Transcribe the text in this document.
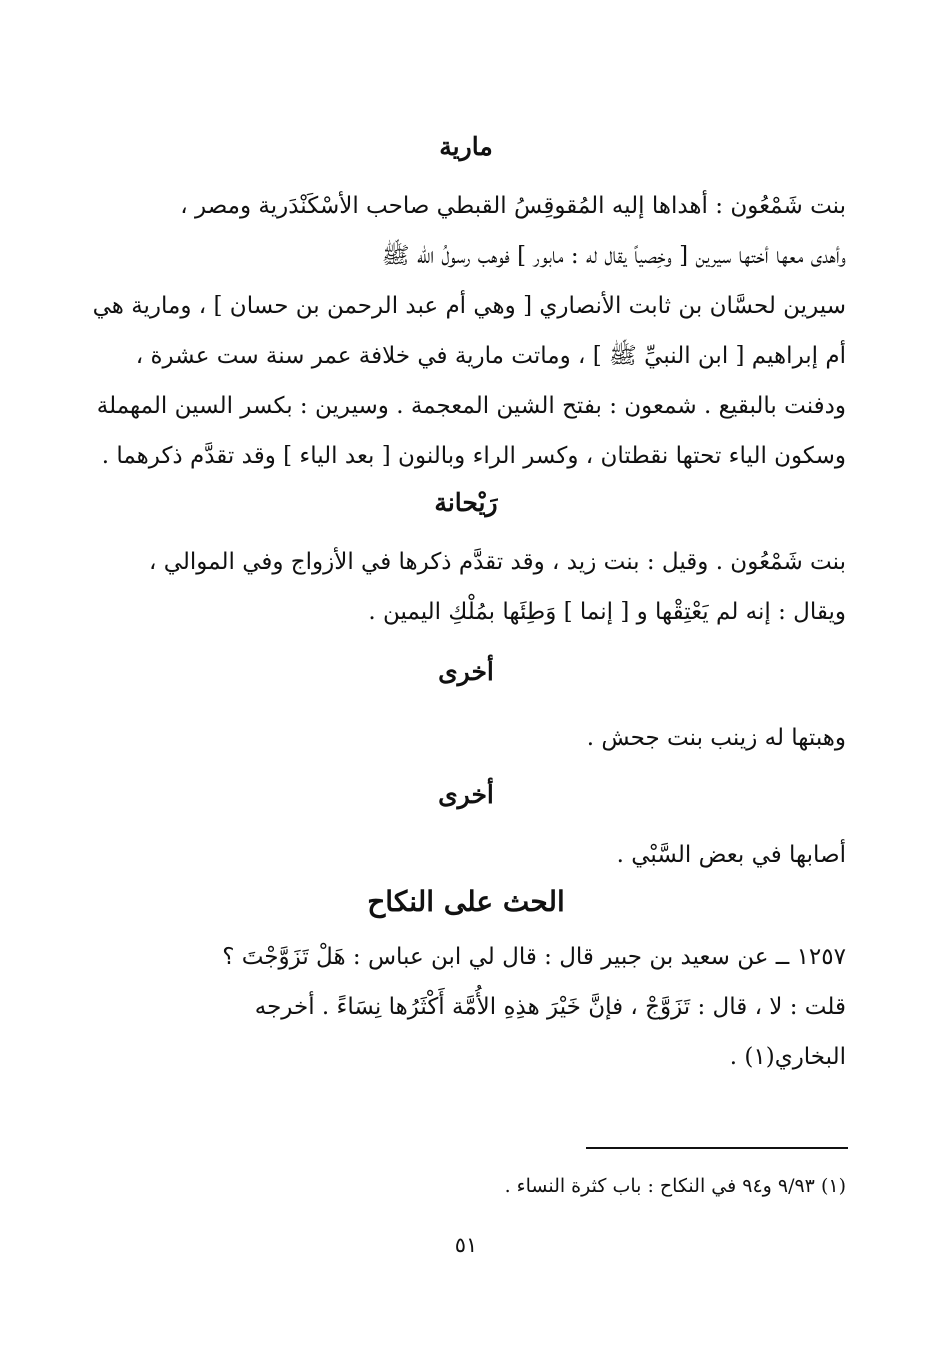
مارية
بنت شَمْعُون : أهداها إليه المُقوقِسُ القبطي صاحب الأسْكَنْدَرية ومصر ،
وأهدى معها أختها سيرين [ وخِصياً يقال له : مابور ] فوهب رسولُ الله ﷺ
سيرين لحسَّان بن ثابت الأنصاري [ وهي أم عبد الرحمن بن حسان ] ، ومارية هي
أم إبراهيم [ ابن النبيِّ ﷺ ] ، وماتت مارية في خلافة عمر سنة ست عشرة ،
ودفنت بالبقيع . شمعون : بفتح الشين المعجمة . وسيرين : بكسر السين المهملة
وسكون الياء تحتها نقطتان ، وكسر الراء وبالنون [ بعد الياء ] وقد تقدَّم ذكرهما .
رَيْحانة
بنت شَمْعُون . وقيل : بنت زيد ، وقد تقدَّم ذكرها في الأزواج وفي الموالي ،
ويقال : إنه لم يَعْتِقْها و [ إنما ] وَطِئَها بمُلْكِ اليمين .
أخرى
وهبتها له زينب بنت جحش .
أخرى
أصابها في بعض السَّبْي .
الحث على النكاح
١٢٥٧ ــ عن سعيد بن جبير قال : قال لي ابن عباس : هَلْ تَزَوَّجْتَ ؟
قلت : لا ، قال : تَزَوَّجْ ، فإنَّ خَيْرَ هذِهِ الأُمَّة أَكْثَرُها نِسَاءً . أخرجه
البخاري(١) .
(١) ٩/٩٣ و٩٤ في النكاح : باب كثرة النساء .
٥١
